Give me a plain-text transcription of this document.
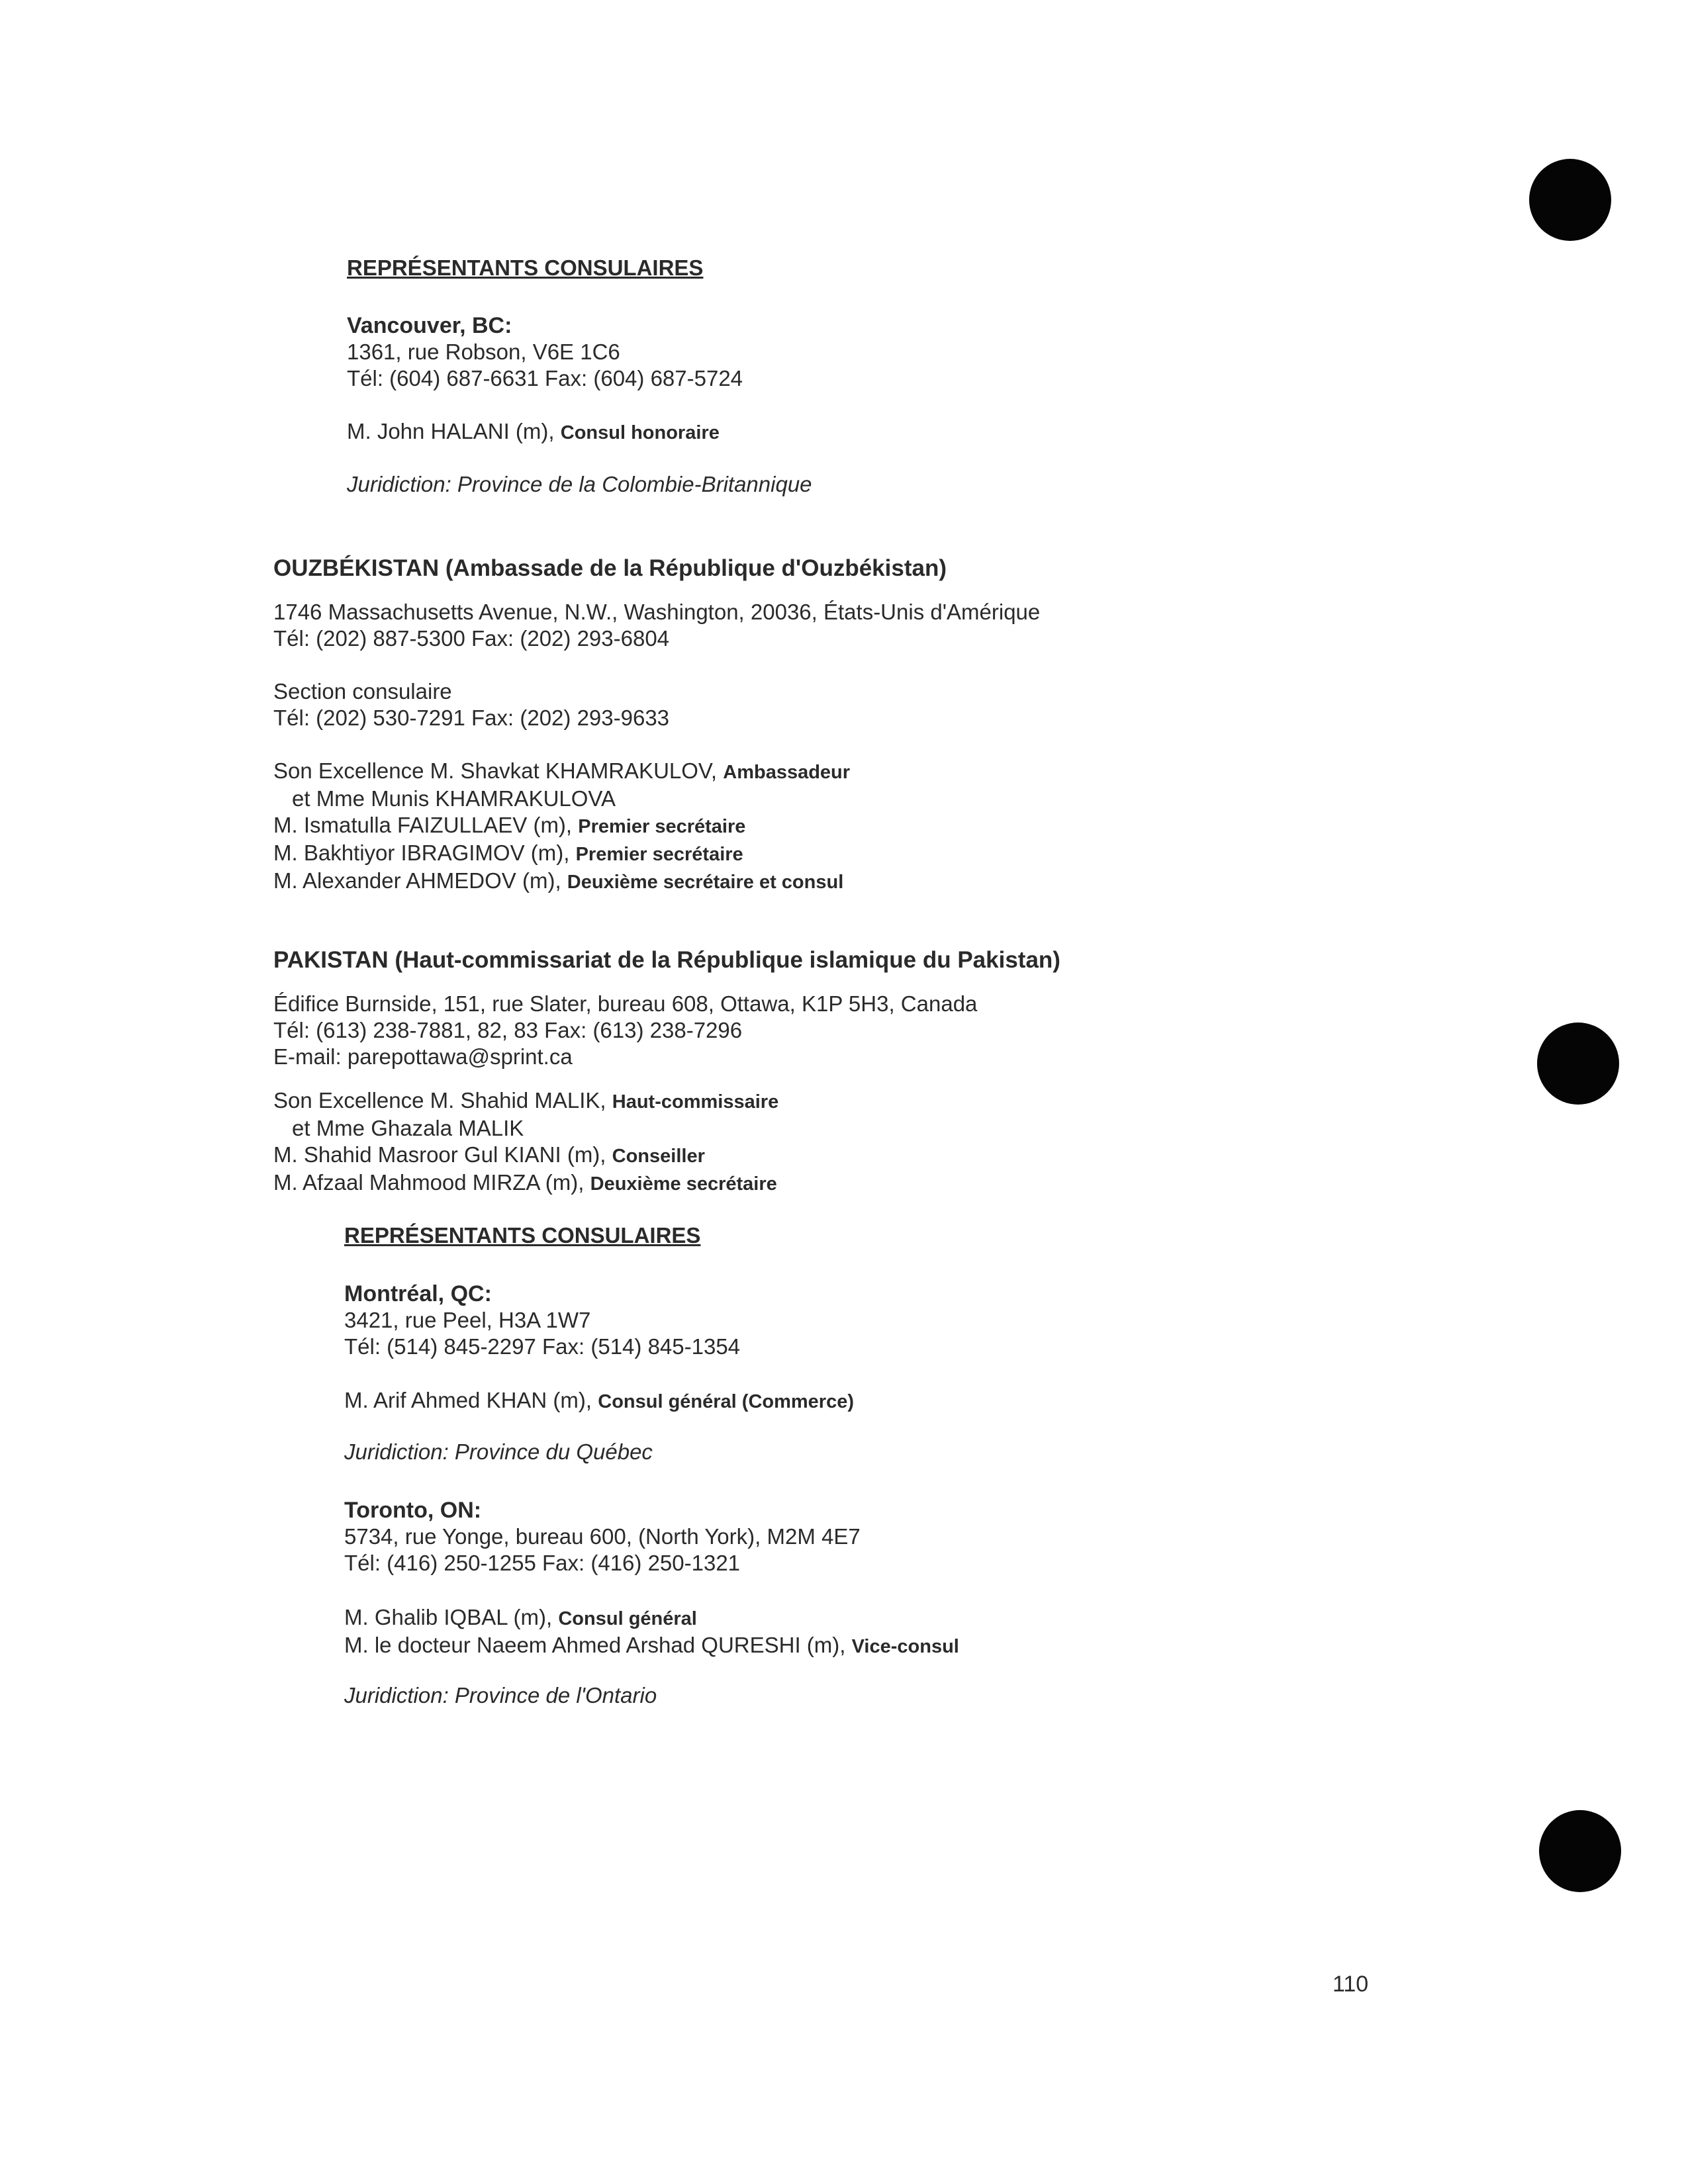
REPRÉSENTANTS CONSULAIRES
Vancouver, BC:
1361, rue Robson, V6E 1C6
Tél: (604) 687-6631 Fax: (604) 687-5724
M. John HALANI (m), Consul honoraire
Juridiction: Province de la Colombie-Britannique
OUZBÉKISTAN (Ambassade de la République d'Ouzbékistan)
1746 Massachusetts Avenue, N.W., Washington, 20036, États-Unis d'Amérique
Tél: (202) 887-5300 Fax: (202) 293-6804
Section consulaire
Tél: (202) 530-7291 Fax: (202) 293-9633
Son Excellence M. Shavkat KHAMRAKULOV, Ambassadeur
et Mme Munis KHAMRAKULOVA
M. Ismatulla FAIZULLAEV (m), Premier secrétaire
M. Bakhtiyor IBRAGIMOV (m), Premier secrétaire
M. Alexander AHMEDOV (m), Deuxième secrétaire et consul
PAKISTAN (Haut-commissariat de la République islamique du Pakistan)
Édifice Burnside, 151, rue Slater, bureau 608, Ottawa, K1P 5H3, Canada
Tél: (613) 238-7881, 82, 83 Fax: (613) 238-7296
E-mail: parepottawa@sprint.ca
Son Excellence M. Shahid MALIK, Haut-commissaire
et Mme Ghazala MALIK
M. Shahid Masroor Gul KIANI (m), Conseiller
M. Afzaal Mahmood MIRZA (m), Deuxième secrétaire
REPRÉSENTANTS CONSULAIRES
Montréal, QC:
3421, rue Peel, H3A 1W7
Tél: (514) 845-2297 Fax: (514) 845-1354
M. Arif Ahmed KHAN (m), Consul général (Commerce)
Juridiction: Province du Québec
Toronto, ON:
5734, rue Yonge, bureau 600, (North York), M2M 4E7
Tél: (416) 250-1255 Fax: (416) 250-1321
M. Ghalib IQBAL (m), Consul général
M. le docteur Naeem Ahmed Arshad QURESHI (m), Vice-consul
Juridiction: Province de l'Ontario
110
